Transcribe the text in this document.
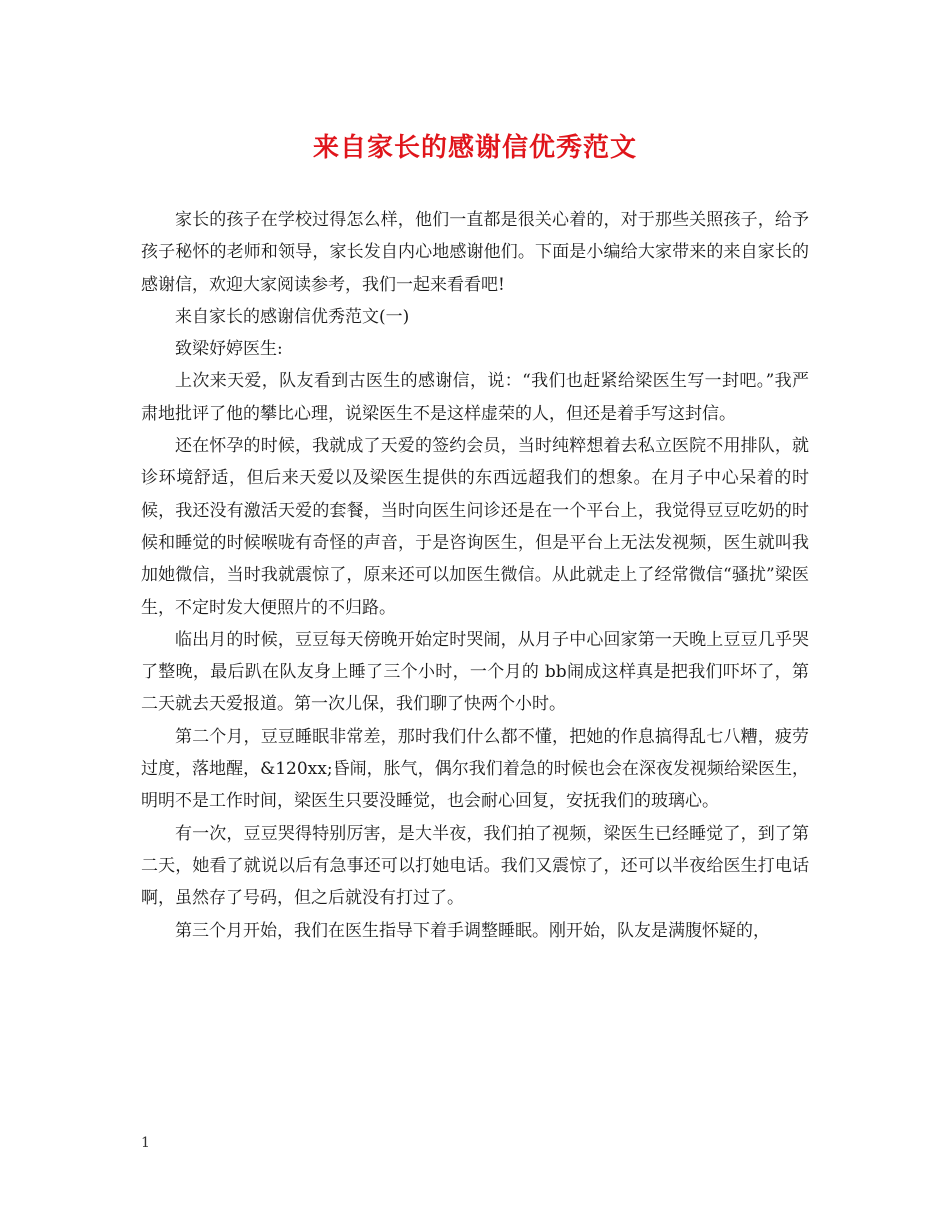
来自家长的感谢信优秀范文

家长的孩子在学校过得怎么样，他们一直都是很关心着的，对于那些关照孩子，给予孩子秘怀的老师和领导，家长发自内心地感谢他们。下面是小编给大家带来的来自家长的感谢信，欢迎大家阅读参考，我们一起来看看吧!

来自家长的感谢信优秀范文(一)

致梁妤婷医生:

上次来天爱，队友看到古医生的感谢信，说：“我们也赶紧给梁医生写一封吧。”我严肃地批评了他的攀比心理，说梁医生不是这样虚荣的人，但还是着手写这封信。

还在怀孕的时候，我就成了天爱的签约会员，当时纯粹想着去私立医院不用排队，就诊环境舒适，但后来天爱以及梁医生提供的东西远超我们的想象。在月子中心呆着的时候，我还没有激活天爱的套餐，当时向医生问诊还是在一个平台上，我觉得豆豆吃奶的时候和睡觉的时候喉咙有奇怪的声音，于是咨询医生，但是平台上无法发视频，医生就叫我加她微信，当时我就震惊了，原来还可以加医生微信。从此就走上了经常微信“骚扰”梁医生，不定时发大便照片的不归路。

临出月的时候，豆豆每天傍晚开始定时哭闹，从月子中心回家第一天晚上豆豆几乎哭了整晚，最后趴在队友身上睡了三个小时，一个月的 bb闹成这样真是把我们吓坏了，第二天就去天爱报道。第一次儿保，我们聊了快两个小时。

第二个月，豆豆睡眠非常差，那时我们什么都不懂，把她的作息搞得乱七八糟，疲劳过度，落地醒，&120xx;昏闹，胀气，偶尔我们着急的时候也会在深夜发视频给梁医生，明明不是工作时间，梁医生只要没睡觉，也会耐心回复，安抚我们的玻璃心。

有一次，豆豆哭得特别厉害，是大半夜，我们拍了视频，梁医生已经睡觉了，到了第二天，她看了就说以后有急事还可以打她电话。我们又震惊了，还可以半夜给医生打电话啊，虽然存了号码，但之后就没有打过了。

第三个月开始，我们在医生指导下着手调整睡眠。刚开始，队友是满腹怀疑的，

1
